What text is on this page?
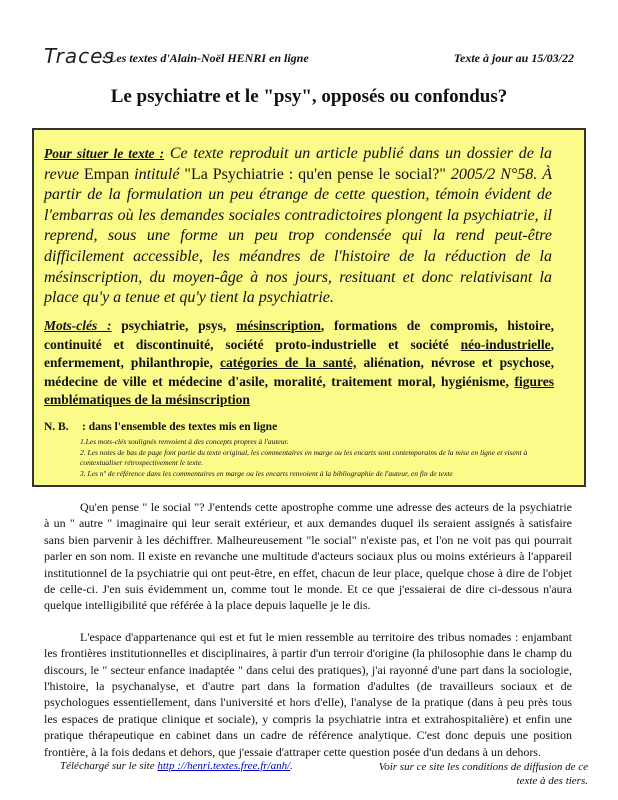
Traces
: Les textes d'Alain-Noël HENRI en ligne	Texte à jour au 15/03/22
Le psychiatre et le "psy", opposés ou confondus?
Pour situer le texte : Ce texte reproduit un article publié dans un dossier de la revue Empan intitulé "La Psychiatrie : qu'en pense le social?" 2005/2 N°58. À partir de la formulation un peu étrange de cette question, témoin évident de l'embarras où les demandes sociales contradictoires plongent la psychiatrie, il reprend, sous une forme un peu trop condensée qui la rend peut-être difficilement accessible, les méandres de l'histoire de la réduction de la mésinscription, du moyen-âge à nos jours, resituant et donc relativisant la place qu'y a tenue et qu'y tient la psychiatrie.
Mots-clés : psychiatrie, psys, mésinscription, formations de compromis, histoire, continuité et discontinuité, société proto-industrielle et société néo-industrielle, enfermement, philanthropie, catégories de la santé, aliénation, névrose et psychose, médecine de ville et médecine d'asile, moralité, traitement moral, hygiénisme, figures emblématiques de la mésinscription
N. B. : dans l'ensemble des textes mis en ligne
1.Les mots-clés soulignés renvoient à des concepts propres à l'auteur.
2. Les notes de bas de page font partie du texte original, les commentaires en marge ou les encarts sont contemporains de la mise en ligne et visent à contextualiser rétrospectivement le texte.
3. Les nº de référence dans les commentaires en marge ou les encarts renvoient à la bibliographie de l'auteur, en fin de texte

Qu'en pense " le social "? J'entends cette apostrophe comme une adresse des acteurs de la psychiatrie à un " autre " imaginaire qui leur serait extérieur, et aux demandes duquel ils seraient assignés à satisfaire sans bien parvenir à les déchiffrer. Malheureusement "le social" n'existe pas, et l'on ne voit pas qui pourrait parler en son nom. Il existe en revanche une multitude d'acteurs sociaux plus ou moins extérieurs à l'appareil institutionnel de la psychiatrie qui ont peut-être, en effet, chacun de leur place, quelque chose à dire de l'objet de celle-ci. J'en suis évidemment un, comme tout le monde. Et ce que j'essaierai de dire ci-dessous n'aura quelque intelligibilité que référée à la place depuis laquelle je le dis.

L'espace d'appartenance qui est et fut le mien ressemble au territoire des tribus nomades : enjambant les frontières institutionnelles et disciplinaires, à partir d'un terroir d'origine (la philosophie dans le champ du discours, le " secteur enfance inadaptée " dans celui des pratiques), j'ai rayonné d'une part dans la sociologie, l'histoire, la psychanalyse, et d'autre part dans la formation d'adultes (de travailleurs sociaux et de psychologues essentiellement, dans l'université et hors d'elle), l'analyse de la pratique (dans à peu près tous les espaces de pratique clinique et sociale), y compris la psychiatrie intra et extrahospitalière) et enfin une pratique thérapeutique en cabinet dans un cadre de référence analytique. C'est donc depuis une position frontière, à la fois dedans et dehors, que j'essaie d'attraper cette question posée d'un dedans à un dehors.

Téléchargé sur le site http ://henri.textes.free.fr/anh/.	Voir sur ce site les conditions de diffusion de ce texte à des tiers.
